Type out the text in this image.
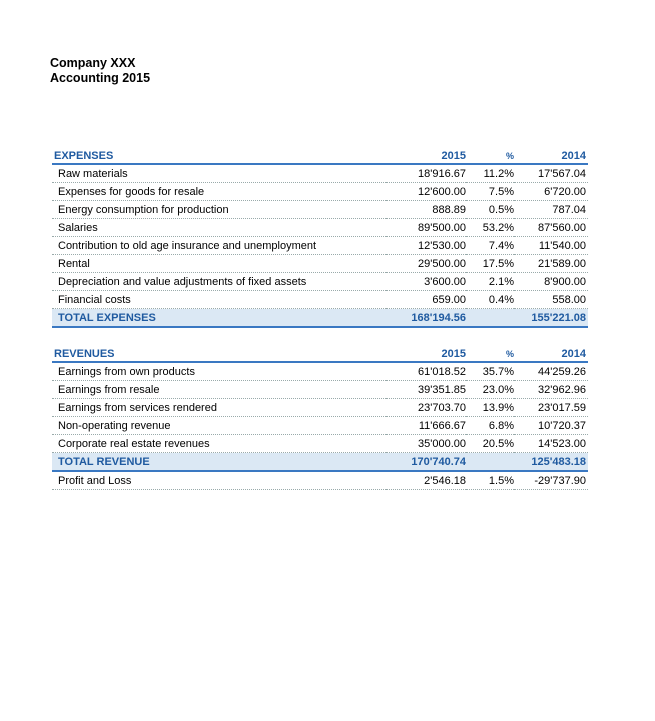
Company XXX
Accounting 2015
EXPENSES	2015	%	2014
Raw materials	18'916.67	11.2%	17'567.04
Expenses for goods for resale	12'600.00	7.5%	6'720.00
Energy consumption for production	888.89	0.5%	787.04
Salaries	89'500.00	53.2%	87'560.00
Contribution to old age insurance and unemployment	12'530.00	7.4%	11'540.00
Rental	29'500.00	17.5%	21'589.00
Depreciation and value adjustments of fixed assets	3'600.00	2.1%	8'900.00
Financial costs	659.00	0.4%	558.00
TOTAL EXPENSES	168'194.56		155'221.08
REVENUES	2015	%	2014
Earnings from own products	61'018.52	35.7%	44'259.26
Earnings from resale	39'351.85	23.0%	32'962.96
Earnings from services rendered	23'703.70	13.9%	23'017.59
Non-operating revenue	11'666.67	6.8%	10'720.37
Corporate real estate revenues	35'000.00	20.5%	14'523.00
TOTAL REVENUE	170'740.74		125'483.18
Profit and Loss	2'546.18	1.5%	-29'737.90
